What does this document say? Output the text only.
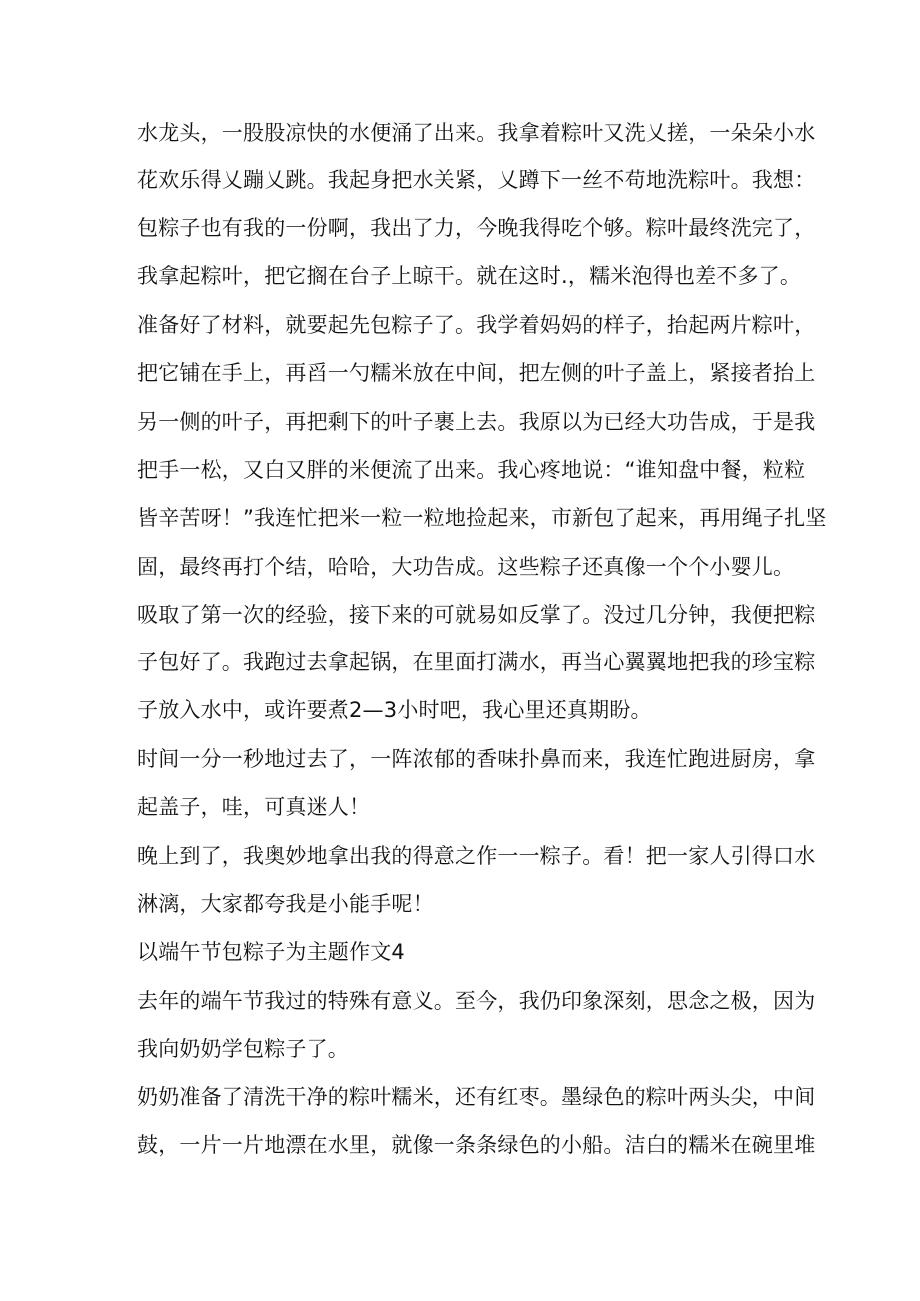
水龙头，一股股凉快的水便涌了出来。我拿着粽叶又洗乂搓，一朵朵小水
花欢乐得乂蹦乂跳。我起身把水关紧，乂蹲下一丝不苟地洗粽叶。我想：
包粽子也有我的一份啊，我出了力，今晚我得吃个够。粽叶最终洗完了，
我拿起粽叶，把它搁在台子上晾干。就在这时.，糯米泡得也差不多了。
准备好了材料，就要起先包粽子了。我学着妈妈的样子，抬起两片粽叶，
把它铺在手上，再舀一勺糯米放在中间，把左侧的叶子盖上，紧接者抬上
另一侧的叶子，再把剩下的叶子裹上去。我原以为已经大功告成，于是我
把手一松，又白又胖的米便流了出来。我心疼地说：“谁知盘中餐，粒粒
皆辛苦呀！”我连忙把米一粒一粒地捡起来，市新包了起来，再用绳子扎坚
固，最终再打个结，哈哈，大功告成。这些粽子还真像一个个小婴儿。
吸取了第一次的经验，接下来的可就易如反掌了。没过几分钟，我便把粽
子包好了。我跑过去拿起锅，在里面打满水，再当心翼翼地把我的珍宝粽
子放入水中，或许要煮2—3小时吧，我心里还真期盼。
时间一分一秒地过去了，一阵浓郁的香味扑鼻而来，我连忙跑进厨房，拿
起盖子，哇，可真迷人！
晚上到了，我奥妙地拿出我的得意之作一一粽子。看！把一家人引得口水
淋漓，大家都夸我是小能手呢！
以端午节包粽子为主题作文4
去年的端午节我过的特殊有意义。至今，我仍印象深刻，思念之极，因为
我向奶奶学包粽子了。
奶奶准备了清洗干净的粽叶糯米，还有红枣。墨绿色的粽叶两头尖，中间
鼓，一片一片地漂在水里，就像一条条绿色的小船。洁白的糯米在碗里堆
